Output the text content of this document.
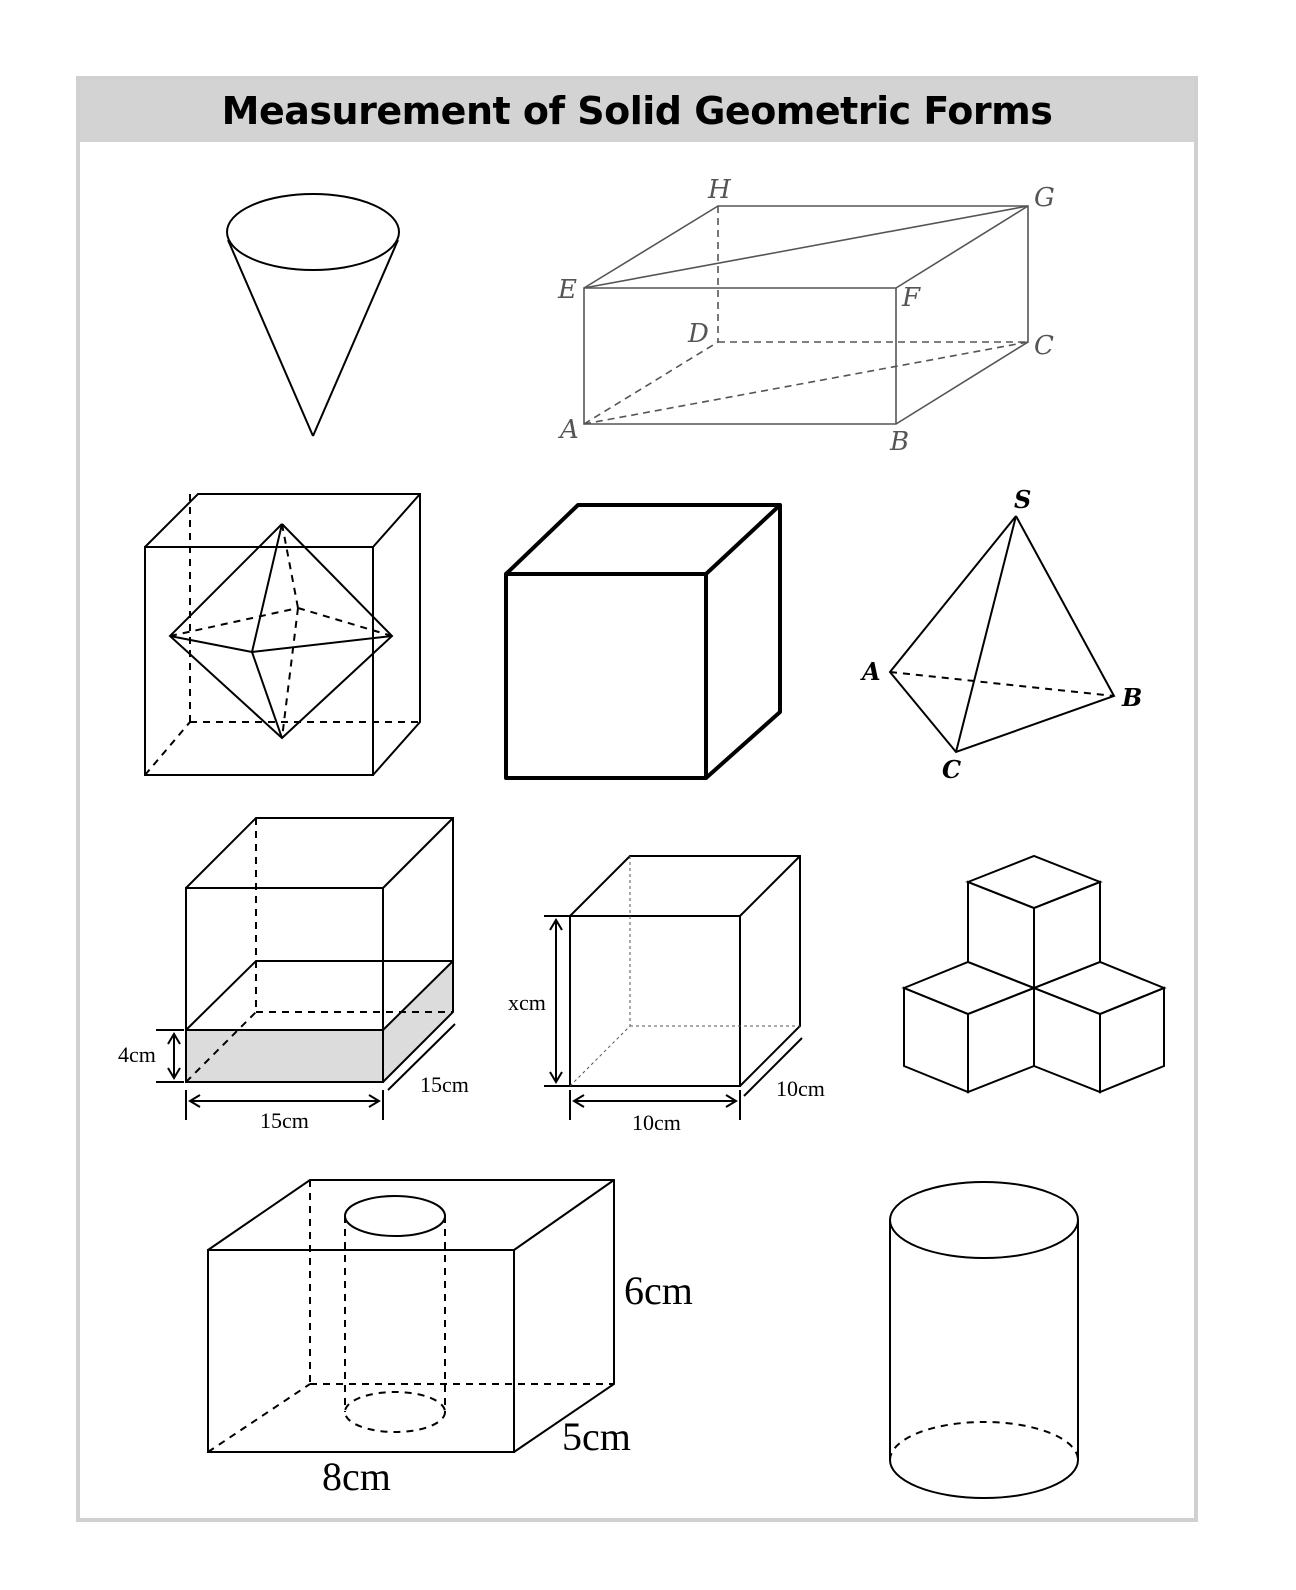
Measurement of Solid Geometric Forms
H	G
E	F
D	C
A	B
S
A
B
C
15cm
15cm
4cm
xcm
10cm
10cm
6cm
5cm
8cm
